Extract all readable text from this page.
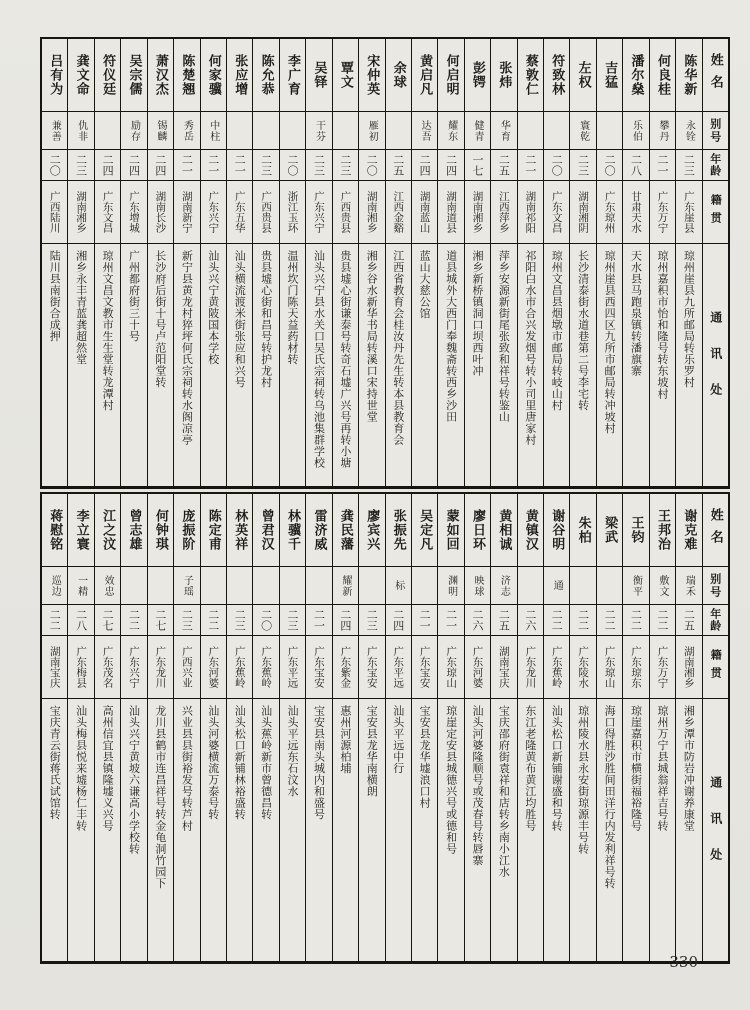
姓名
别号
年龄
籍贯
通讯处
陈华新
永铨
二三
广东崖县
琼州崖县九所邮局转乐罗村
何良桂
攀丹
二一
广东万宁
琼州嘉积市怡和隆号转东坡村
潘尔燊
乐伯
二八
甘肃天水
天水县马跑泉镇转潘旗寨
吉猛
二〇
广东琼州
琼州崖县西四区九所市邮局转冲坡村
左权
寰乾
二三
湖南湘阴
长沙清泰街水道巷第二号李宅转
符致林
二〇
广东文昌
琼州文昌县烟墩市邮局转岐山村
蔡敦仁
二一
湖南祁阳
祁阳白水市合兴发烟号转小司里唐家村
张炜
华育
二五
江西萍乡
萍乡安源新街尾张致和祥号转鉴山
彭锷
健青
一七
湖南湘乡
湘乡新桥镇洞口坝西叶冲
何启明
耀东
二四
湖南道县
道县城外大西门奉魏斋转西乡沙田
黄启凡
达吾
二四
湖南蓝山
蓝山大慈公馆
余球
二五
江西金谿
江西省教育会桂汝丹先生转本县教育会
宋仲英
雁初
二〇
湖南湘乡
湘乡谷水新华书局转溪口宋持世堂
覃文
二三
广西贵县
贵县墟心街谦泰号转奇石墟广兴号再转小塘
吴铎
干芬
二三
广东兴宁
汕头兴宁县水关口吴氏宗祠转乌池集群学校
李广育
二〇
浙江玉环
温州坎门陈天益药材转
陈允恭
二三
广西贵县
贵县墟心街和昌号转护龙村
张应增
二一
广东五华
汕头横流渡米街张应和兴号
何家骥
中柱
二一
广东兴宁
汕头兴宁黄陂国本学校
陈楚翘
秀岳
二一
湖南新宁
新宁县黄龙村猝坪何氏宗祠转水阁凉亭
萧汉杰
锡麟
二四
湖南长沙
长沙府后街十号卢范阳堂转
吴宗儒
励存
二四
广东增城
广州都府街三十号
符仪廷
二四
广东文昌
琼州文昌文教市生生堂转龙潭村
龚文命
仇非
二三
湖南湘乡
湘乡永丰青蓝龚超然堂
吕有为
兼善
二〇
广西陆川
陆川县南街合成押
姓名
别号
年龄
籍贯
通讯处
谢克难
瑞禾
二五
湖南湘乡
湘乡潭市防岩冲谢养康堂
王邦治
敷文
二二
广东万宁
琼州万宁县城翁祥吉号转
王钧
衡平
二二
广东琼东
琼崖嘉积市横街福裕隆号
梁武
二二
广东琼山
海口得胜沙胜间田洋行内发利祥号转
朱柏
二二
广东陵水
琼州陵水县永安街琼源丰号转
谢谷明
通
二二
广东蕉岭
汕头松口新铺谢盛和号转
黄镇汉
二六
广东龙川
东江老隆黄布黄江均胜号
黄相诚
济志
二五
湖南宝庆
宝庆邵府街袁祥和店转乡南小江水
廖日环
映球
二六
广东河婆
汕头河婆隆顺号或茂春号转唇寨
蒙如回
渊明
二一
广东琼山
琼崖定安县城德兴号或德和号
吴定凡
二一
广东宝安
宝安县龙华墟浪口村
张振先
标
二四
广东平远
汕头平远中行
廖宾兴
二三
广东宝安
宝安县龙华南横朗
龚民藩
耀新
二四
广东紫金
惠州河源柏埔
雷济威
二一
广东宝安
宝安县南头城内和盛号
林骥千
二三
广东平远
汕头平远东石汶水
曾君汉
二〇
广东蕉岭
汕头蕉岭新市曾德昌转
林英祥
二三
广东蕉岭
汕头松口新铺林裕盛转
陈定甫
二二
广东河婆
汕头河婆横流万泰号转
庞振阶
子瑶
二三
广西兴业
兴业县县街裕发号转芦村
何钟琪
二七
广东龙川
龙川县鹤市连昌祥号转金龟洞竹园下
曾志雄
二二
广东兴宁
汕头兴宁黄坡六谦高小学校转
江之汶
效忠
二七
广东茂名
高州信宜县镇隆墟义兴号
李立寰
一精
二八
广东梅县
汕头梅县悦来墟杨仁丰转
蒋慰铭
巡边
二二
湖南宝庆
宝庆青云街蒋氏试馆转
330
